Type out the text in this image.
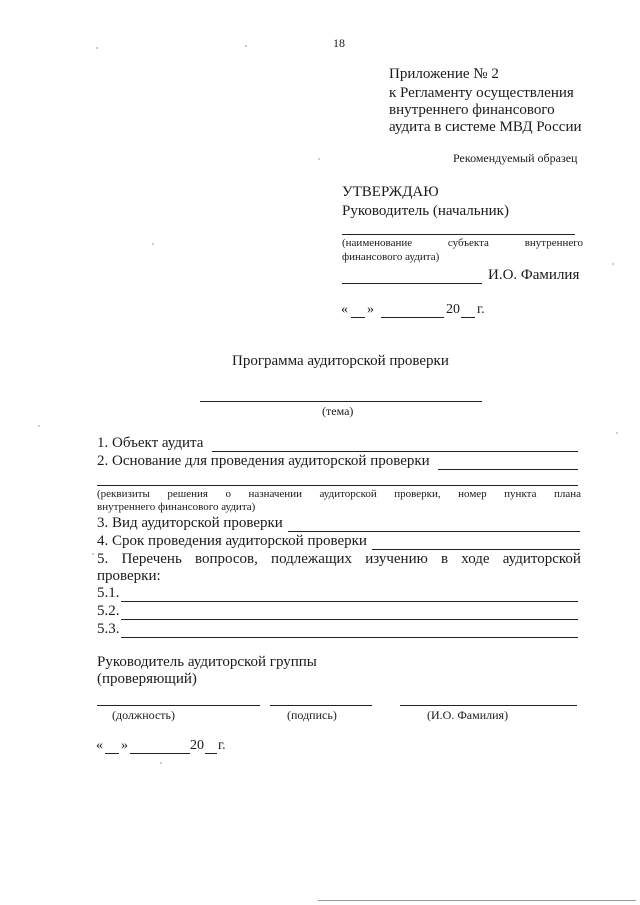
18
Приложение № 2
к Регламенту осуществления
внутреннего финансового
аудита в системе МВД России
Рекомендуемый образец
УТВЕРЖДАЮ
Руководитель (начальник)
(наименование	субъекта	внутреннего
финансового аудита)
И.О. Фамилия
« »	20 г.
Программа аудиторской проверки
(тема)
1. Объект аудита
2. Основание для проведения аудиторской проверки
(реквизиты решения о назначении аудиторской проверки, номер пункта плана
внутреннего финансового аудита)
3. Вид аудиторской проверки
4. Срок проведения аудиторской проверки
5. Перечень вопросов, подлежащих изучению в ходе аудиторской
проверки:
5.1.
5.2.
5.3.
Руководитель аудиторской группы
(проверяющий)
(должность)	(подпись)	(И.О. Фамилия)
« »	20 г.
